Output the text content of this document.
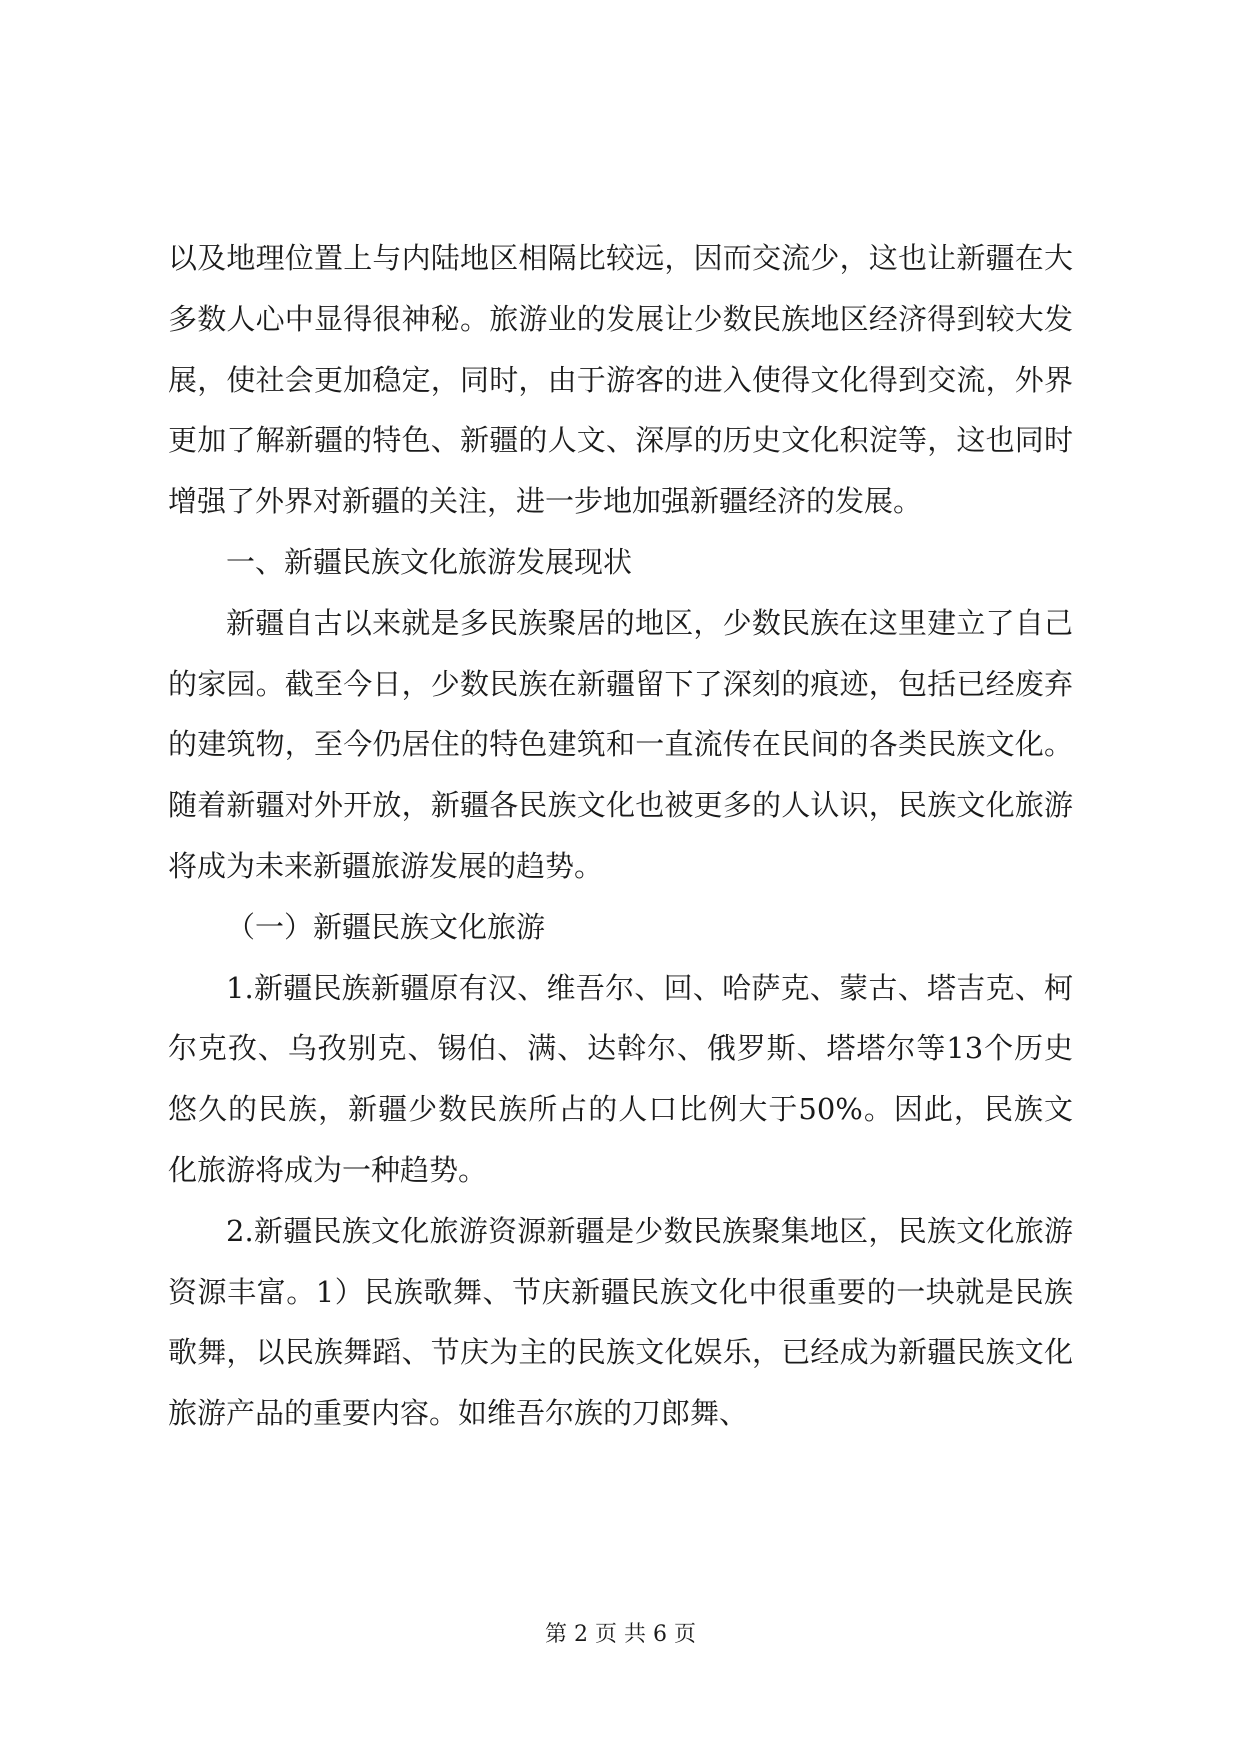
以及地理位置上与内陆地区相隔比较远，因而交流少，这也让新疆在大多数人心中显得很神秘。旅游业的发展让少数民族地区经济得到较大发展，使社会更加稳定，同时，由于游客的进入使得文化得到交流，外界更加了解新疆的特色、新疆的人文、深厚的历史文化积淀等，这也同时增强了外界对新疆的关注，进一步地加强新疆经济的发展。

一、新疆民族文化旅游发展现状

新疆自古以来就是多民族聚居的地区，少数民族在这里建立了自己的家园。截至今日，少数民族在新疆留下了深刻的痕迹，包括已经废弃的建筑物，至今仍居住的特色建筑和一直流传在民间的各类民族文化。随着新疆对外开放，新疆各民族文化也被更多的人认识，民族文化旅游将成为未来新疆旅游发展的趋势。

（一）新疆民族文化旅游

1.新疆民族新疆原有汉、维吾尔、回、哈萨克、蒙古、塔吉克、柯尔克孜、乌孜别克、锡伯、满、达斡尔、俄罗斯、塔塔尔等13个历史悠久的民族，新疆少数民族所占的人口比例大于50%。因此，民族文化旅游将成为一种趋势。

2.新疆民族文化旅游资源新疆是少数民族聚集地区，民族文化旅游资源丰富。1）民族歌舞、节庆新疆民族文化中很重要的一块就是民族歌舞，以民族舞蹈、节庆为主的民族文化娱乐，已经成为新疆民族文化旅游产品的重要内容。如维吾尔族的刀郎舞、

第 2 页 共 6 页
